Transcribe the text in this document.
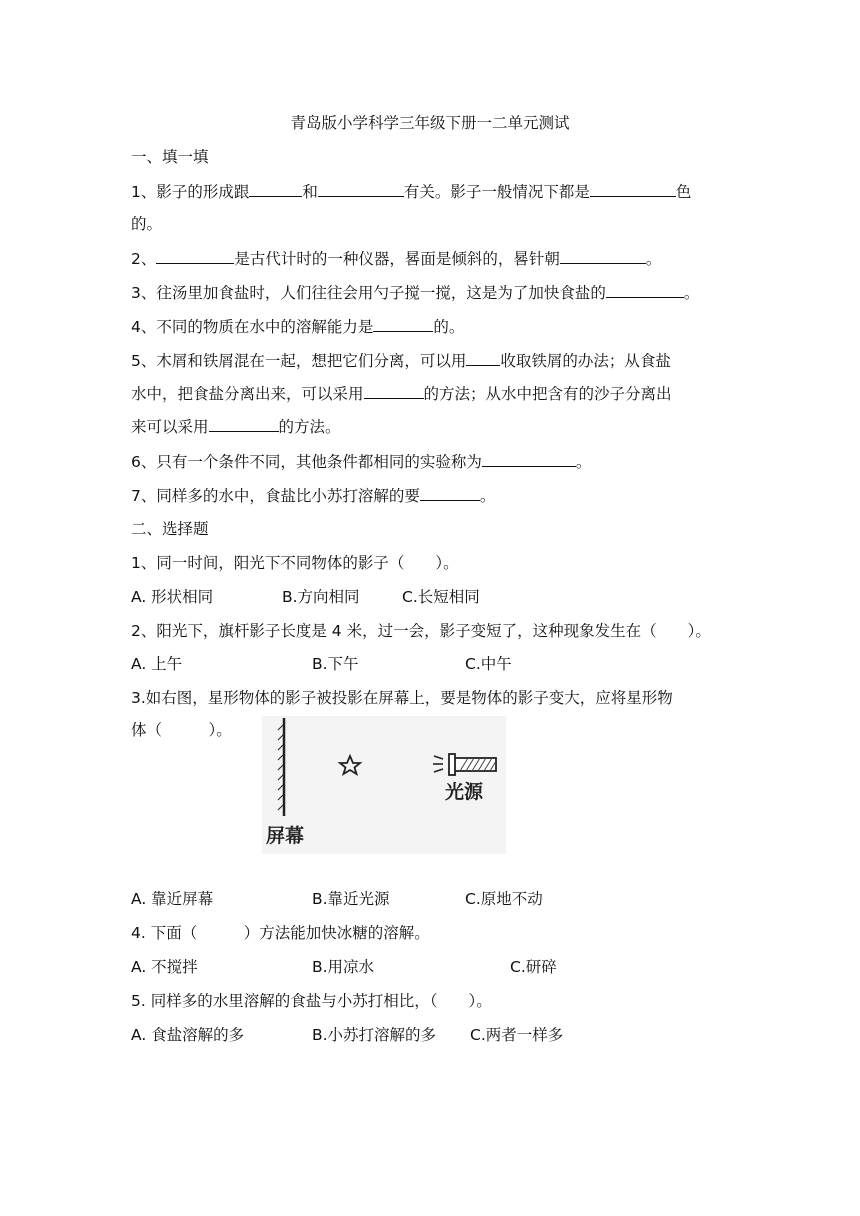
青岛版小学科学三年级下册一二单元测试
一、填一填
1、影子的形成跟	和	有关。影子一般情况下都是	色
的。
2、	是古代计时的一种仪器，晷面是倾斜的，晷针朝	。
3、往汤里加食盐时，人们往往会用勺子搅一搅，这是为了加快食盐的	。
4、不同的物质在水中的溶解能力是	的。
5、木屑和铁屑混在一起，想把它们分离，可以用 收取铁屑的办法；从食盐
水中，把食盐分离出来，可以采用	的方法；从水中把含有的沙子分离出
来可以采用	的方法。
6、只有一个条件不同，其他条件都相同的实验称为	。
7、同样多的水中，食盐比小苏打溶解的要	。
二、选择题
1、同一时间，阳光下不同物体的影子（　　）。
A. 形状相同	B.方向相同	C.长短相同
2、阳光下，旗杆影子长度是 4 米，过一会，影子变短了，这种现象发生在（　　）。
A. 上午	B.下午	C.中午
3.如右图，星形物体的影子被投影在屏幕上，要是物体的影子变大，应将星形物
体（　　　）。
屏幕
光源
A. 靠近屏幕	B.靠近光源	C.原地不动
4. 下面（　　　）方法能加快冰糖的溶解。
A. 不搅拌	B.用凉水	C.研碎
5. 同样多的水里溶解的食盐与小苏打相比，（　　）。
A. 食盐溶解的多	B.小苏打溶解的多 C.两者一样多
